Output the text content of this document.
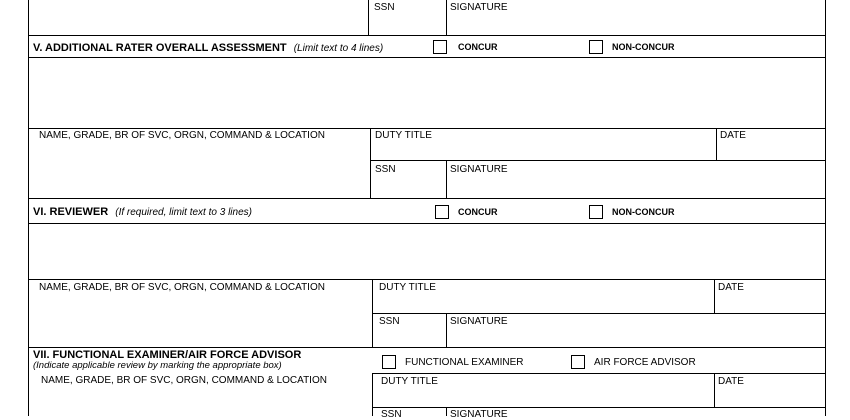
SSN	SIGNATURE
V. ADDITIONAL RATER OVERALL ASSESSMENT (Limit text to 4 lines)	CONCUR	NON-CONCUR
NAME, GRADE, BR OF SVC, ORGN, COMMAND & LOCATION	DUTY TITLE	DATE
SSN	SIGNATURE
VI. REVIEWER (If required, limit text to 3 lines)	CONCUR	NON-CONCUR
NAME, GRADE, BR OF SVC, ORGN, COMMAND & LOCATION	DUTY TITLE	DATE
SSN	SIGNATURE
VII. FUNCTIONAL EXAMINER/AIR FORCE ADVISOR
(Indicate applicable review by marking the appropriate box)	FUNCTIONAL EXAMINER	AIR FORCE ADVISOR
NAME, GRADE, BR OF SVC, ORGN, COMMAND & LOCATION	DUTY TITLE	DATE
SSN	SIGNATURE
